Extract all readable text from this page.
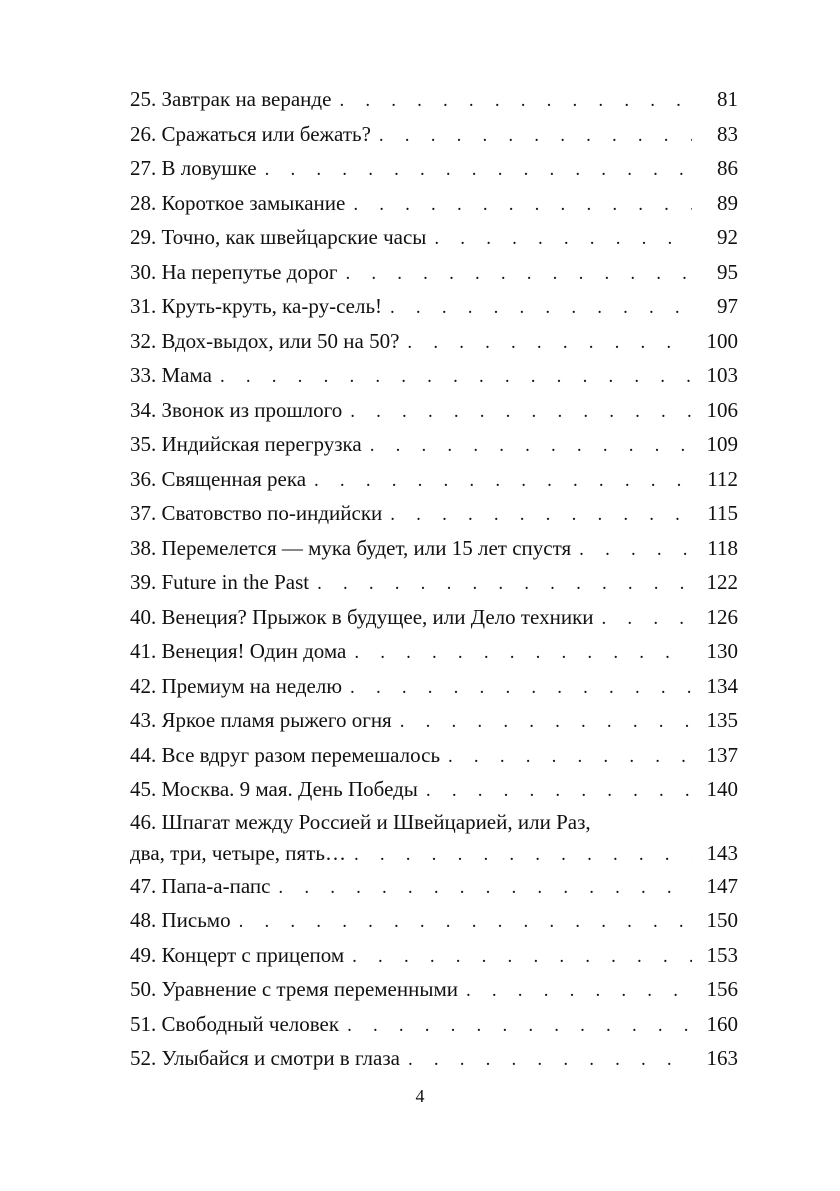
25. Завтрак на веранде . . .	81
26. Сражаться или бежать? . . .	83
27. В ловушке . . .	86
28. Короткое замыкание . . .	89
29. Точно, как швейцарские часы . . .	92
30. На перепутье дорог . . .	95
31. Круть-круть, ка-ру-сель! . . .	97
32. Вдох-выдох, или 50 на 50? . . .	100
33. Мама . . .	103
34. Звонок из прошлого . . .	106
35. Индийская перегрузка . . .	109
36. Священная река . . .	112
37. Сватовство по-индийски . . .	115
38. Перемелется — мука будет, или 15 лет спустя . . .	118
39. Future in the Past . . .	122
40. Венеция? Прыжок в будущее, или Дело техники . . .	126
41. Венеция! Один дома . . .	130
42. Премиум на неделю . . .	134
43. Яркое пламя рыжего огня . . .	135
44. Все вдруг разом перемешалось . . .	137
45. Москва. 9 мая. День Победы . . .	140
46. Шпагат между Россией и Швейцарией, или Раз,
два, три, четыре, пять… . . .	143
47. Папа-а-папс . . .	147
48. Письмо . . .	150
49. Концерт с прицепом . . .	153
50. Уравнение с тремя переменными . . .	156
51. Свободный человек . . .	160
52. Улыбайся и смотри в глаза . . .	163
4
